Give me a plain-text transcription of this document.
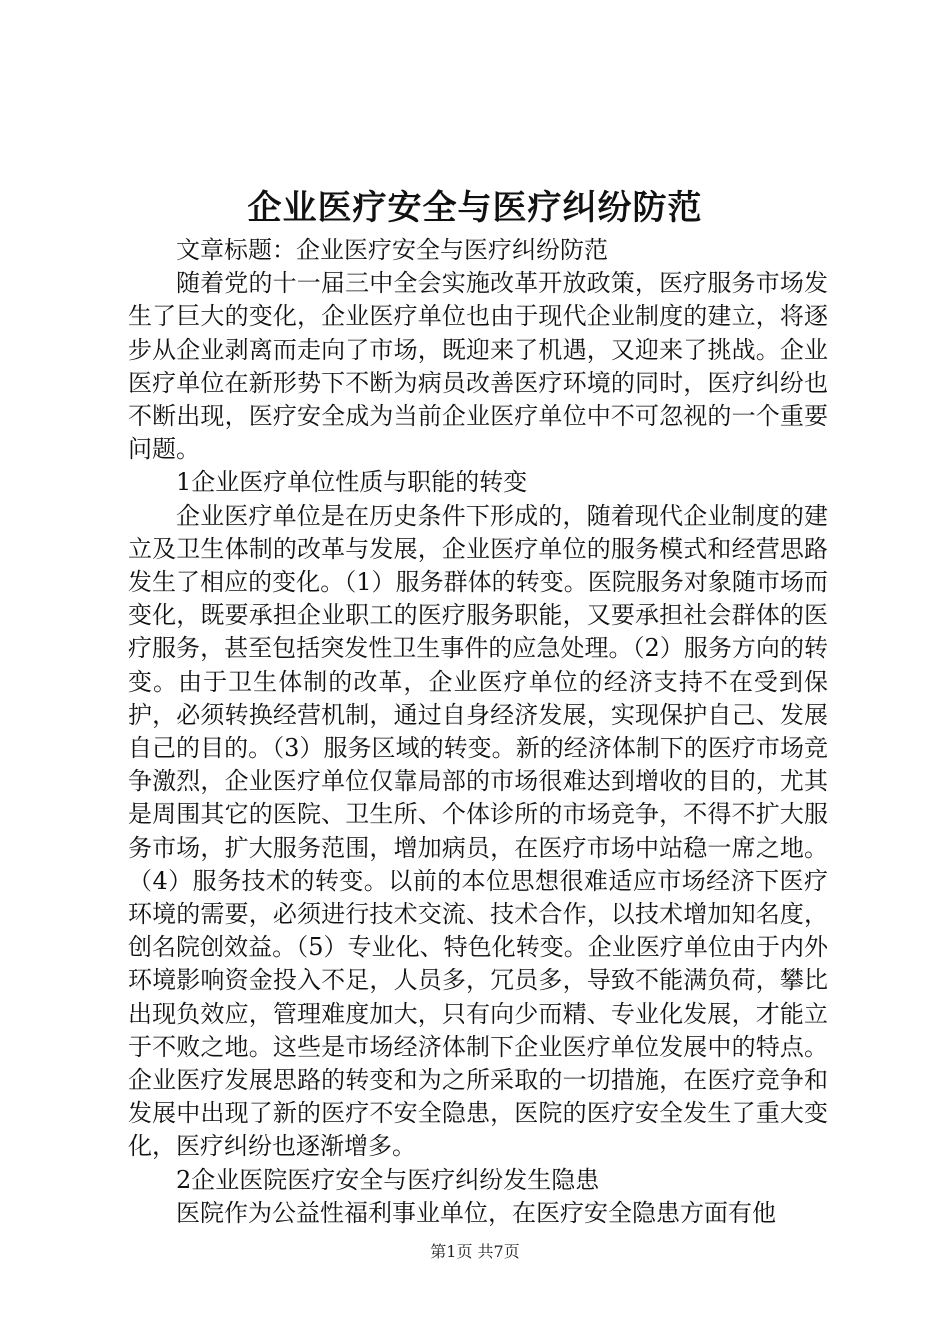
企业医疗安全与医疗纠纷防范

文章标题：企业医疗安全与医疗纠纷防范

随着党的十一届三中全会实施改革开放政策，医疗服务市场发生了巨大的变化，企业医疗单位也由于现代企业制度的建立，将逐步从企业剥离而走向了市场，既迎来了机遇，又迎来了挑战。企业医疗单位在新形势下不断为病员改善医疗环境的同时，医疗纠纷也不断出现，医疗安全成为当前企业医疗单位中不可忽视的一个重要问题。

1企业医疗单位性质与职能的转变

企业医疗单位是在历史条件下形成的，随着现代企业制度的建立及卫生体制的改革与发展，企业医疗单位的服务模式和经营思路发生了相应的变化。（1）服务群体的转变。医院服务对象随市场而变化，既要承担企业职工的医疗服务职能，又要承担社会群体的医疗服务，甚至包括突发性卫生事件的应急处理。（2）服务方向的转变。由于卫生体制的改革，企业医疗单位的经济支持不在受到保护，必须转换经营机制，通过自身经济发展，实现保护自己、发展自己的目的。（3）服务区域的转变。新的经济体制下的医疗市场竞争激烈，企业医疗单位仅靠局部的市场很难达到增收的目的，尤其是周围其它的医院、卫生所、个体诊所的市场竞争，不得不扩大服务市场，扩大服务范围，增加病员，在医疗市场中站稳一席之地。（4）服务技术的转变。以前的本位思想很难适应市场经济下医疗环境的需要，必须进行技术交流、技术合作，以技术增加知名度，创名院创效益。（5）专业化、特色化转变。企业医疗单位由于内外环境影响资金投入不足，人员多，冗员多，导致不能满负荷，攀比出现负效应，管理难度加大，只有向少而精、专业化发展，才能立于不败之地。这些是市场经济体制下企业医疗单位发展中的特点。企业医疗发展思路的转变和为之所采取的一切措施，在医疗竞争和发展中出现了新的医疗不安全隐患，医院的医疗安全发生了重大变化，医疗纠纷也逐渐增多。

2企业医院医疗安全与医疗纠纷发生隐患

医院作为公益性福利事业单位，在医疗安全隐患方面有他

第1页 共7页
